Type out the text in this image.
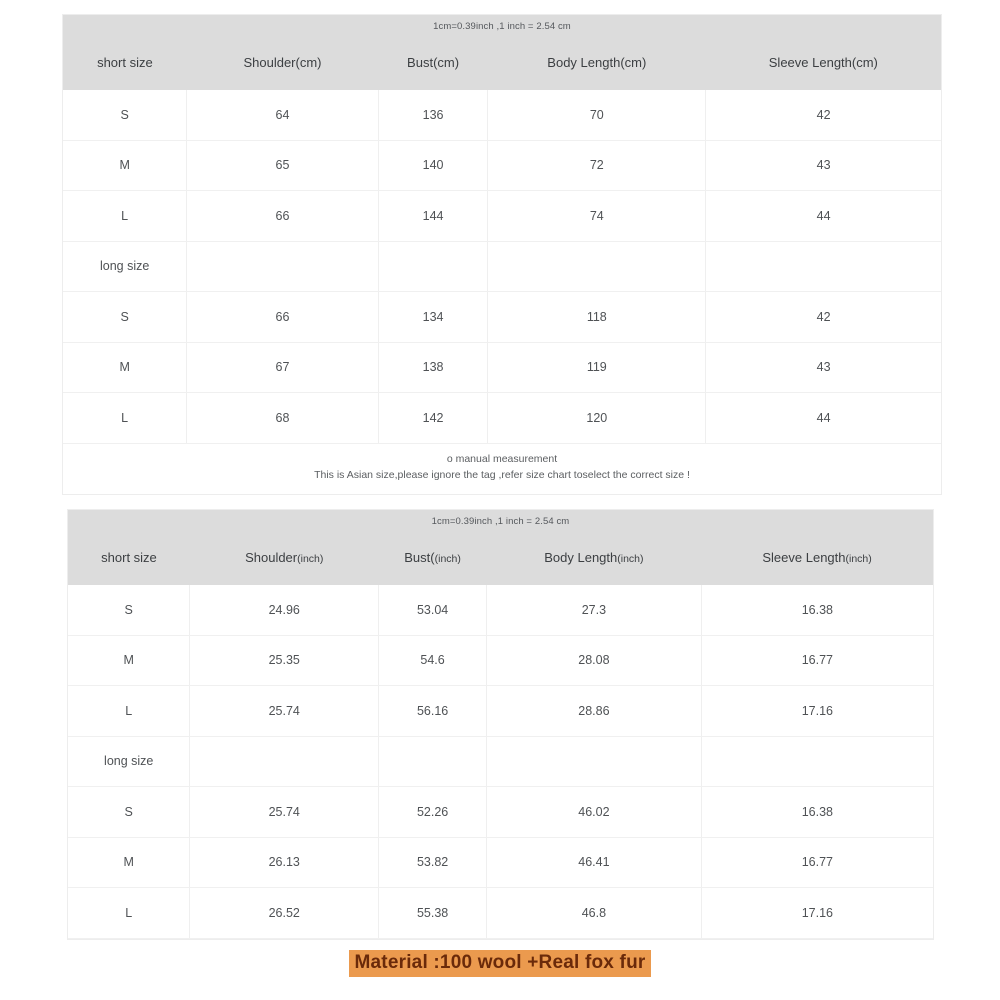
1cm=0.39inch ,1 inch = 2.54 cm
short size	Shoulder(cm)	Bust(cm)	Body Length(cm)	Sleeve Length(cm)
S	64	136	70	42
M	65	140	72	43
L	66	144	74	44
long size				
S	66	134	118	42
M	67	138	119	43
L	68	142	120	44
o manual measurement
This is Asian size,please ignore the tag ,refer size chart toselect the correct size !
1cm=0.39inch ,1 inch = 2.54 cm
short size	Shoulder(inch)	Bust((inch)	Body Length(inch)	Sleeve Length(inch)
S	24.96	53.04	27.3	16.38
M	25.35	54.6	28.08	16.77
L	25.74	56.16	28.86	17.16
long size				
S	25.74	52.26	46.02	16.38
M	26.13	53.82	46.41	16.77
L	26.52	55.38	46.8	17.16
Material :100 wool +Real fox fur
